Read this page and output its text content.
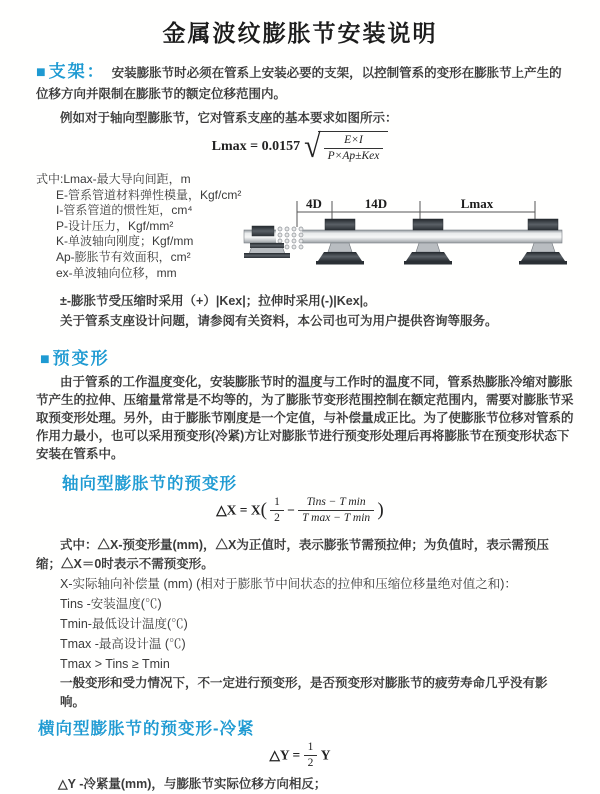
金属波纹膨胀节安装说明
■ 支架： 安装膨胀节时必须在管系上安装必要的支架，以控制管系的变形在膨胀节上产生的位移方向并限制在膨胀节的额定位移范围内。
例如对于轴向型膨胀节，它对管系支座的基本要求如图所示：
Lmax = 0.0157 √ $\frac{E\times I}{\text{P×Ap±Kex}}$
式中:Lmax-最大导向间距，m
E-管系管道材料弹性模量，Kgf/cm²
I-管系管道的惯性矩，cm⁴
P-设计压力，Kgf/mm²
K-单波轴向刚度；Kgf/mm
Ap-膨胀节有效面积，cm²
ex-单波轴向位移，mm
4D	14D	Lmax
±-膨胀节受压缩时采用（+）|Kex|；拉伸时采用(-)|Kex|。
关于管系支座设计问题，请参阅有关资料，本公司也可为用户提供咨询等服务。
■ 预变形
由于管系的工作温度变化，安装膨胀节时的温度与工作时的温度不同，管系热膨胀冷缩对膨胀节产生的拉伸、压缩量常常是不均等的，为了膨胀节变形范围控制在额定范围内，需要对膨胀节采取预变形处理。另外，由于膨胀节刚度是一个定值，与补偿量成正比。为了使膨胀节位移对管系的作用力最小，也可以采用预变形(冷紧)方让对膨胀节进行预变形处理后再将膨胀节在预变形状态下安装在管系中。
轴向型膨胀节的预变形
△X = $X( \frac{1}{2} - \frac{\text{Tins − T min}}{\text{T max − T min}}$ )
式中：△X-预变形量(mm)，△X为正值时，表示膨张节需预拉伸；为负值时，表示需预压缩；△X＝0时表示不需预变形。
X-实际轴向补偿量 (mm) (相对于膨胀节中间状态的拉伸和压缩位移量绝对值之和)：
Tins -安装温度(℃)
Tmin-最低设计温度(℃)
Tmax -最高设计温 (℃)
Tmax > Tins ≥ Tmin
一般变形和受力情况下，不一定进行预变形，是否预变形对膨胀节的疲劳寿命几乎没有影响。
横向型膨胀节的预变形-冷紧
△Y = $\frac{1}{2}$ Y
△Y -冷紧量(mm)，与膨胀节实际位移方向相反；
